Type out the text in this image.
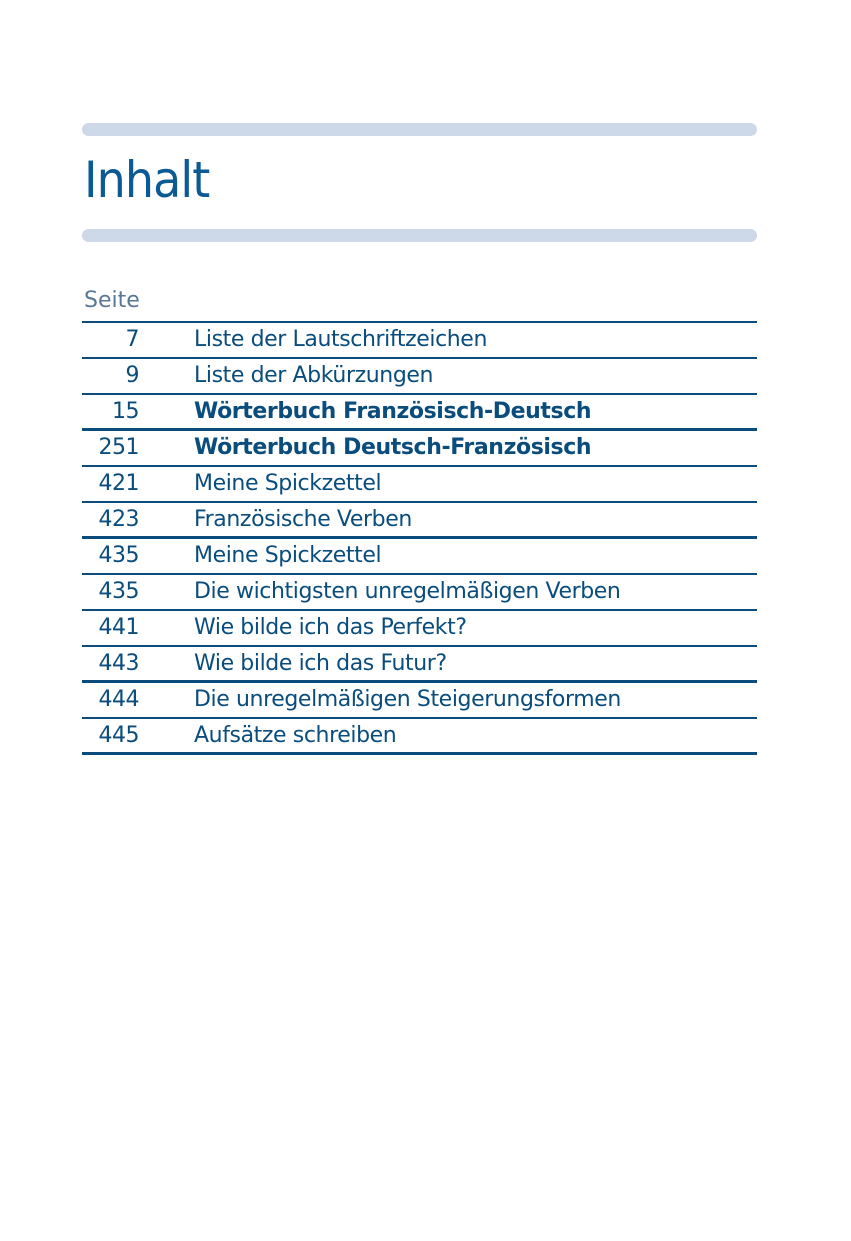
Inhalt
Seite
7	Liste der Lautschriftzeichen
9	Liste der Abkürzungen
15	Wörterbuch Französisch-Deutsch
251	Wörterbuch Deutsch-Französisch
421	Meine Spickzettel
423	Französische Verben
435	Meine Spickzettel
435	Die wichtigsten unregelmäßigen Verben
441	Wie bilde ich das Perfekt?
443	Wie bilde ich das Futur?
444	Die unregelmäßigen Steigerungsformen
445	Aufsätze schreiben
